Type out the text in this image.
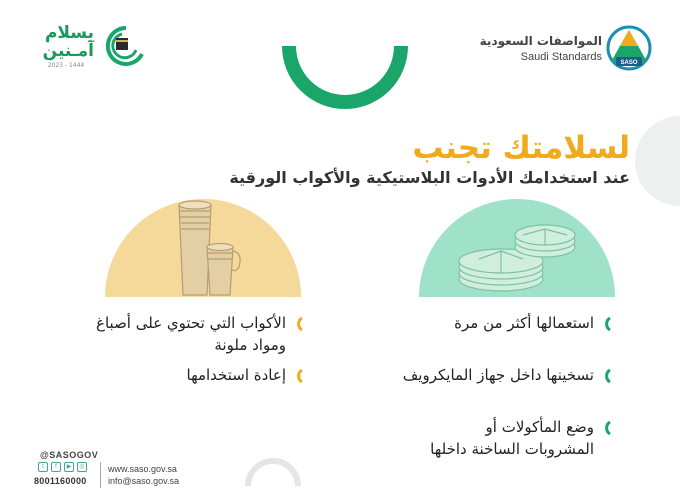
المواصفات السعودية
Saudi Standards	SASO
بسلام
آمـنين
2023 - 1444
لسلامتك تجنب
عند استخدامك الأدوات البلاستيكية والأكواب الورقية
استعمالها أكثر من مرة
تسخينها داخل جهاز المايكرويف
وضع المأكولات أو المشروبات الساخنة داخلها
الأكواب التي تحتوي على أصباغ ومواد ملونة
إعادة استخدامها
@SASOGOV
t	f	▶	◎
8001160000
www.saso.gov.sa
info@saso.gov.sa
